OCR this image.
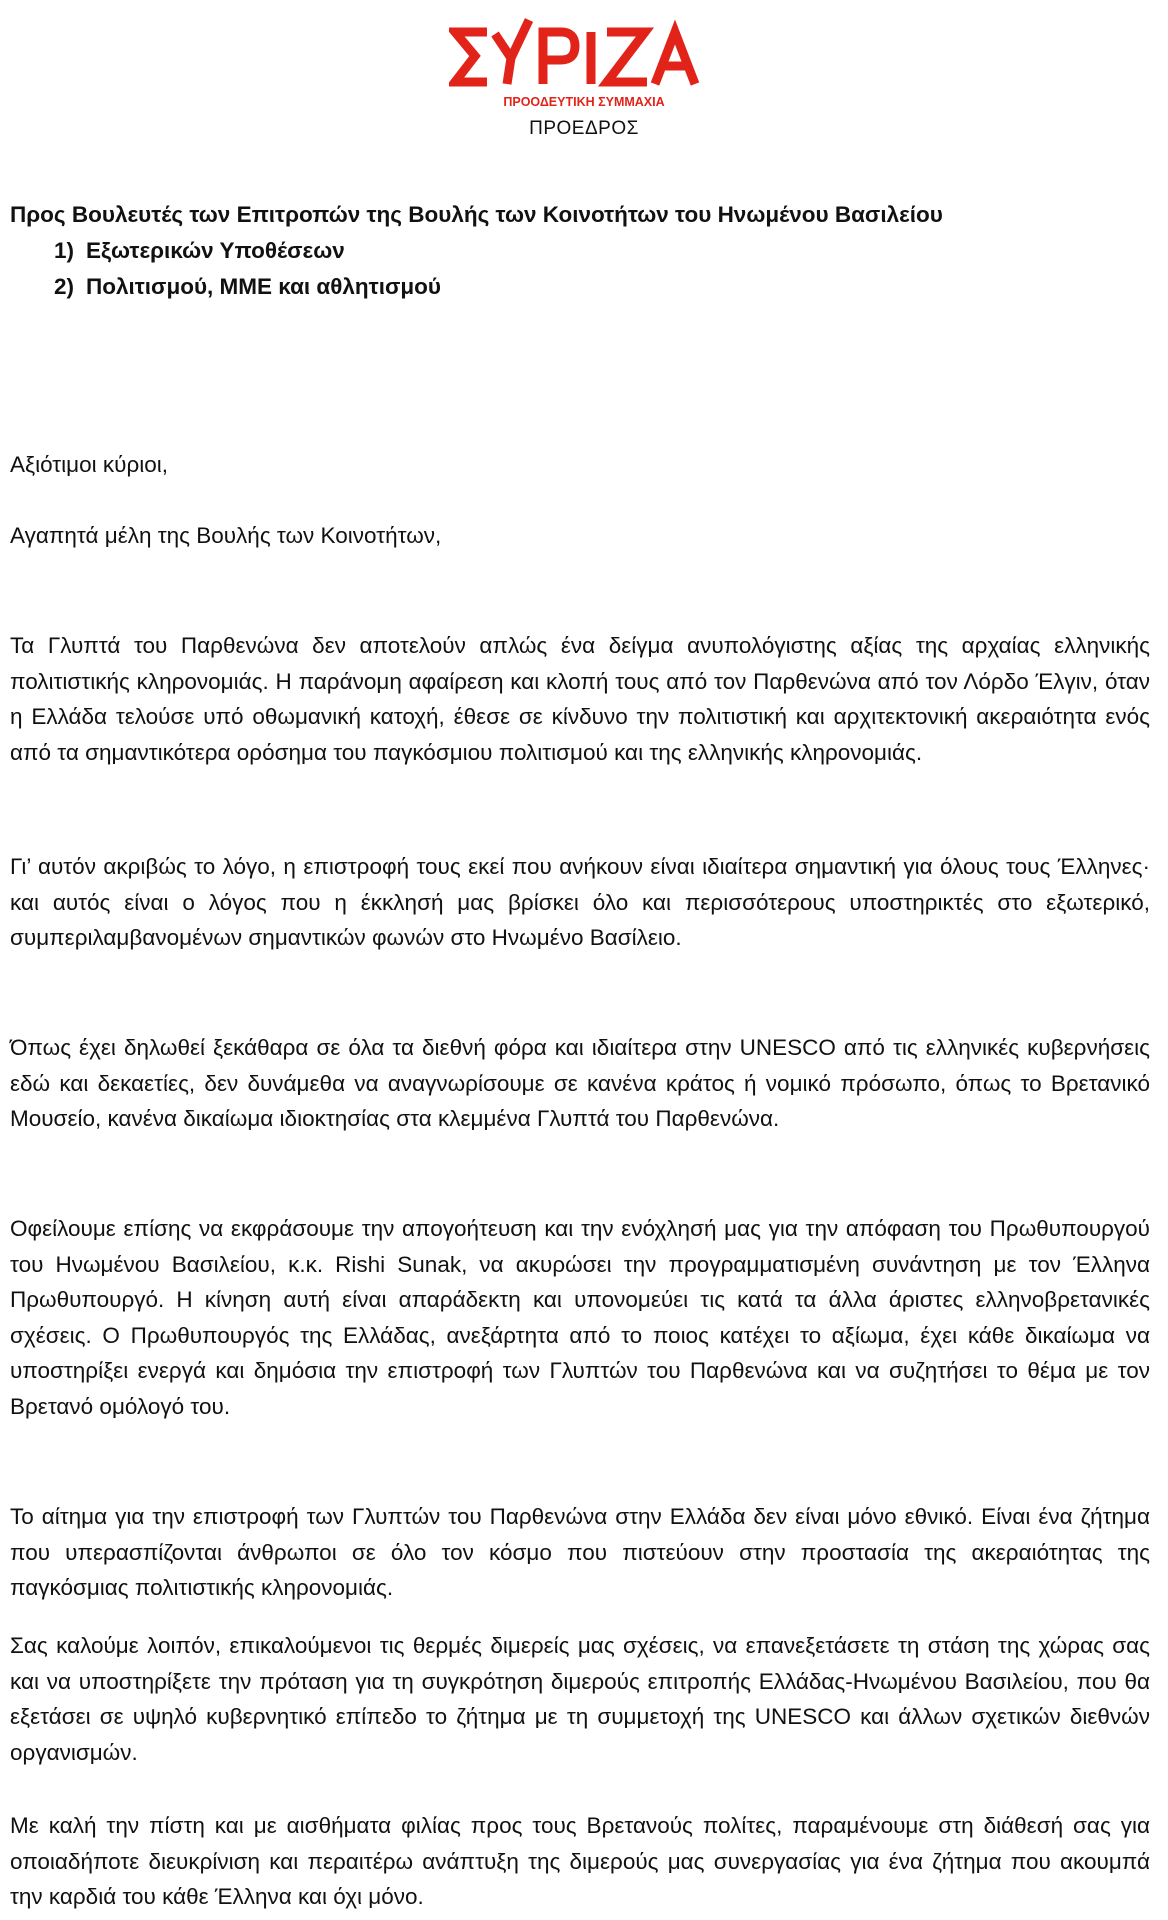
ΠΡΟΟΔΕΥΤΙΚΗ ΣΥΜΜΑΧΙΑ
ΠΡΟΕΔΡΟΣ
Προς Βουλευτές των Επιτροπών της Βουλής των Κοινοτήτων του Ηνωμένου Βασιλείου
1) Εξωτερικών Υποθέσεων
2) Πολιτισμού, ΜΜΕ και αθλητισμού
Αξιότιμοι κύριοι,
Αγαπητά μέλη της Βουλής των Κοινοτήτων,

Τα Γλυπτά του Παρθενώνα δεν αποτελούν απλώς ένα δείγμα ανυπολόγιστης αξίας της αρχαίας ελληνικής πολιτιστικής κληρονομιάς. Η παράνομη αφαίρεση και κλοπή τους από τον Παρθενώνα από τον Λόρδο Έλγιν, όταν η Ελλάδα τελούσε υπό οθωμανική κατοχή, έθεσε σε κίνδυνο την πολιτιστική και αρχιτεκτονική ακεραιότητα ενός από τα σημαντικότερα ορόσημα του παγκόσμιου πολιτισμού και της ελληνικής κληρονομιάς.

Γι’ αυτόν ακριβώς το λόγο, η επιστροφή τους εκεί που ανήκουν είναι ιδιαίτερα σημαντική για όλους τους Έλληνες· και αυτός είναι ο λόγος που η έκκλησή μας βρίσκει όλο και περισσότερους υποστηρικτές στο εξωτερικό, συμπεριλαμβανομένων σημαντικών φωνών στο Ηνωμένο Βασίλειο.

Όπως έχει δηλωθεί ξεκάθαρα σε όλα τα διεθνή φόρα και ιδιαίτερα στην UNESCO από τις ελληνικές κυβερνήσεις εδώ και δεκαετίες, δεν δυνάμεθα να αναγνωρίσουμε σε κανένα κράτος ή νομικό πρόσωπο, όπως το Βρετανικό Μουσείο, κανένα δικαίωμα ιδιοκτησίας στα κλεμμένα Γλυπτά του Παρθενώνα.

Οφείλουμε επίσης να εκφράσουμε την απογοήτευση και την ενόχλησή μας για την απόφαση του Πρωθυπουργού του Ηνωμένου Βασιλείου, κ.κ. Rishi Sunak, να ακυρώσει την προγραμματισμένη συνάντηση με τον Έλληνα Πρωθυπουργό. Η κίνηση αυτή είναι απαράδεκτη και υπονομεύει τις κατά τα άλλα άριστες ελληνοβρετανικές σχέσεις. Ο Πρωθυπουργός της Ελλάδας, ανεξάρτητα από το ποιος κατέχει το αξίωμα, έχει κάθε δικαίωμα να υποστηρίξει ενεργά και δημόσια την επιστροφή των Γλυπτών του Παρθενώνα και να συζητήσει το θέμα με τον Βρετανό ομόλογό του.

Το αίτημα για την επιστροφή των Γλυπτών του Παρθενώνα στην Ελλάδα δεν είναι μόνο εθνικό. Είναι ένα ζήτημα που υπερασπίζονται άνθρωποι σε όλο τον κόσμο που πιστεύουν στην προστασία της ακεραιότητας της παγκόσμιας πολιτιστικής κληρονομιάς.

Σας καλούμε λοιπόν, επικαλούμενοι τις θερμές διμερείς μας σχέσεις, να επανεξετάσετε τη στάση της χώρας σας και να υποστηρίξετε την πρόταση για τη συγκρότηση διμερούς επιτροπής Ελλάδας-Ηνωμένου Βασιλείου, που θα εξετάσει σε υψηλό κυβερνητικό επίπεδο το ζήτημα με τη συμμετοχή της UNESCO και άλλων σχετικών διεθνών οργανισμών.

Με καλή την πίστη και με αισθήματα φιλίας προς τους Βρετανούς πολίτες, παραμένουμε στη διάθεσή σας για οποιαδήποτε διευκρίνιση και περαιτέρω ανάπτυξη της διμερούς μας συνεργασίας για ένα ζήτημα που ακουμπά την καρδιά του κάθε Έλληνα και όχι μόνο.
